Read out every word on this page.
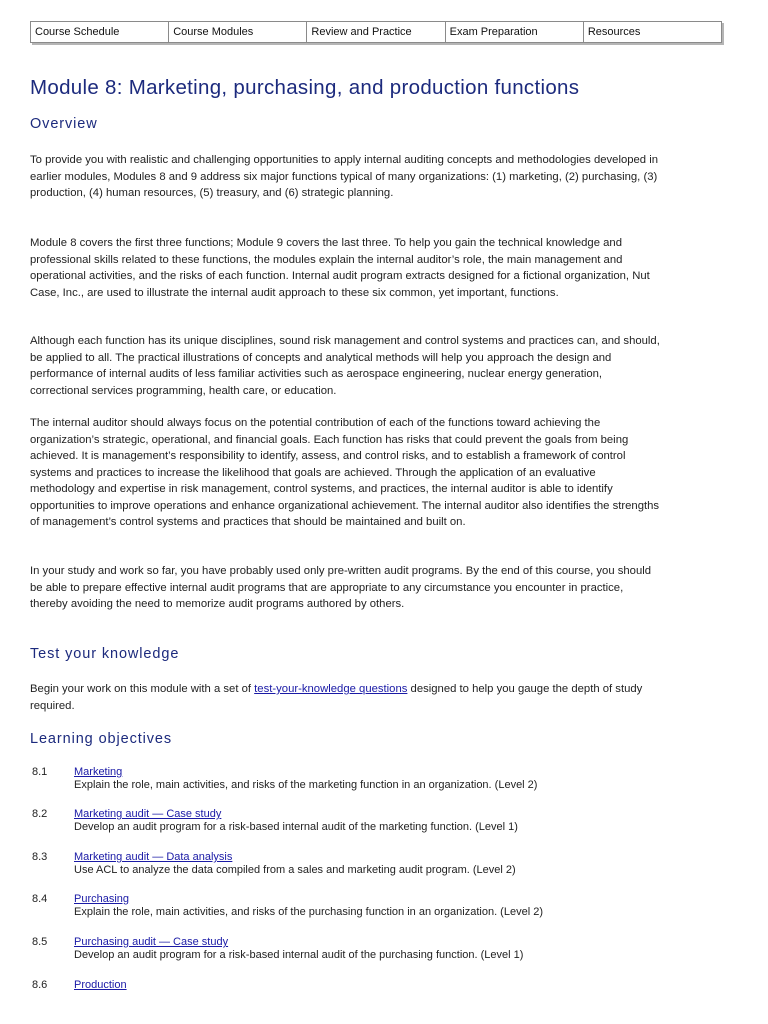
Course Schedule	Course Modules	Review and Practice	Exam Preparation	Resources
Module 8: Marketing, purchasing, and production functions
Overview

To provide you with realistic and challenging opportunities to apply internal auditing concepts and methodologies developed in earlier modules, Modules 8 and 9 address six major functions typical of many organizations: (1) marketing, (2) purchasing, (3) production, (4) human resources, (5) treasury, and (6) strategic planning.

Module 8 covers the first three functions; Module 9 covers the last three. To help you gain the technical knowledge and professional skills related to these functions, the modules explain the internal auditor’s role, the main management and operational activities, and the risks of each function. Internal audit program extracts designed for a fictional organization, Nut Case, Inc., are used to illustrate the internal audit approach to these six common, yet important, functions.

Although each function has its unique disciplines, sound risk management and control systems and practices can, and should, be applied to all. The practical illustrations of concepts and analytical methods will help you approach the design and performance of internal audits of less familiar activities such as aerospace engineering, nuclear energy generation, correctional services programming, health care, or education.

The internal auditor should always focus on the potential contribution of each of the functions toward achieving the organization’s strategic, operational, and financial goals. Each function has risks that could prevent the goals from being achieved. It is management’s responsibility to identify, assess, and control risks, and to establish a framework of control systems and practices to increase the likelihood that goals are achieved. Through the application of an evaluative methodology and expertise in risk management, control systems, and practices, the internal auditor is able to identify opportunities to improve operations and enhance organizational achievement. The internal auditor also identifies the strengths of management’s control systems and practices that should be maintained and built on.

In your study and work so far, you have probably used only pre-written audit programs. By the end of this course, you should be able to prepare effective internal audit programs that are appropriate to any circumstance you encounter in practice, thereby avoiding the need to memorize audit programs authored by others.

Test your knowledge

Begin your work on this module with a set of test-your-knowledge questions designed to help you gauge the depth of study required.

Learning objectives
8.1 Marketing
Explain the role, main activities, and risks of the marketing function in an organization. (Level 2)
8.2 Marketing audit — Case study
Develop an audit program for a risk-based internal audit of the marketing function. (Level 1)
8.3 Marketing audit — Data analysis
Use ACL to analyze the data compiled from a sales and marketing audit program. (Level 2)
8.4 Purchasing
Explain the role, main activities, and risks of the purchasing function in an organization. (Level 2)
8.5 Purchasing audit — Case study
Develop an audit program for a risk-based internal audit of the purchasing function. (Level 1)
8.6 Production
